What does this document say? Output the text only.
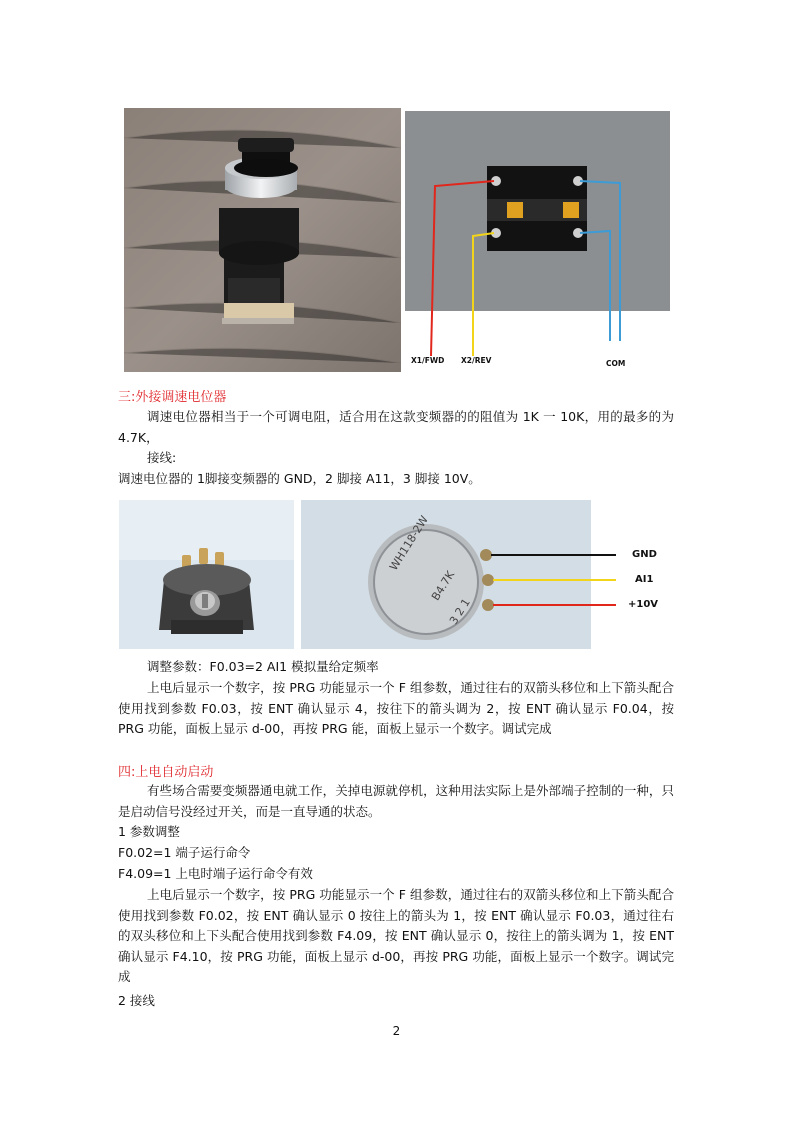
X1/FWD X2/REV	COM
三:外接调速电位器

调速电位器相当于一个可调电阻，适合用在这款变频器的的阻值为 1K 一 10K，用的最多的为 4.7K，

接线:

调速电位器的 1脚接变频器的 GND，2 脚接 A11，3 脚接 10V。

WH118-2W
B4.7K
3 2 1
GND
AI1
+10V

调整参数：F0.03=2 AI1 模拟量给定频率

上电后显示一个数字，按 PRG 功能显示一个 F 组参数，通过往右的双箭头移位和上下箭头配合使用找到参数 F0.03，按 ENT 确认显示 4，按往下的箭头调为 2，按 ENT 确认显示 F0.04，按 PRG 功能，面板上显示 d-00，再按 PRG 能，面板上显示一个数字。调试完成

四:上电自动启动

有些场合需要变频器通电就工作，关掉电源就停机，这种用法实际上是外部端子控制的一种，只是启动信号没经过开关，而是一直导通的状态。

1 参数调整

F0.02=1 端子运行命令

F4.09=1 上电时端子运行命令有效

上电后显示一个数字，按 PRG 功能显示一个 F 组参数，通过往右的双箭头移位和上下箭头配合使用找到参数 F0.02，按 ENT 确认显示 0 按往上的箭头为 1，按 ENT 确认显示 F0.03，通过往右的双头移位和上下头配合使用找到参数 F4.09，按 ENT 确认显示 0，按往上的箭头调为 1，按 ENT 确认显示 F4.10，按 PRG 功能，面板上显示 d-00，再按 PRG 功能，面板上显示一个数字。调试完成

2 接线

2
